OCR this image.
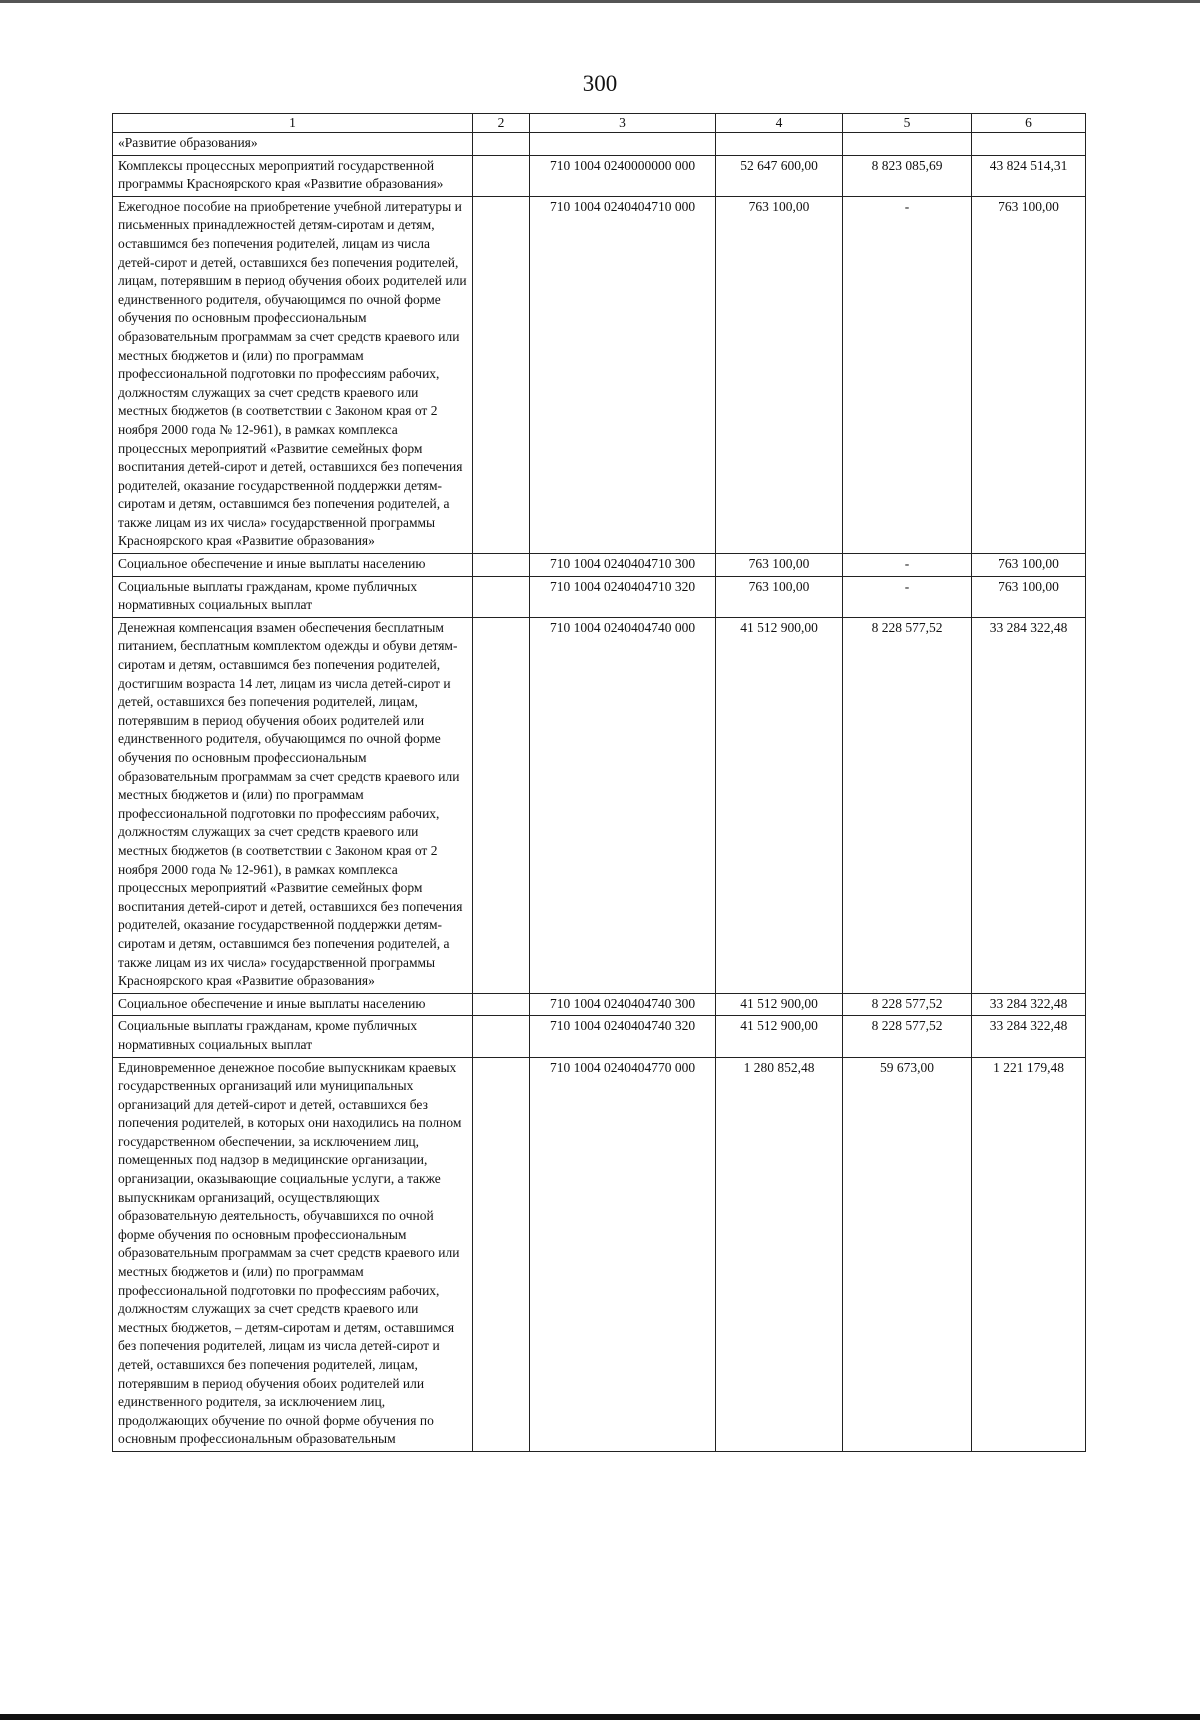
300
1	2	3	4	5	6
«Развитие образования»					
Комплексы процессных мероприятий государственной программы Красноярского края «Развитие образования»		710 1004 0240000000 000	52 647 600,00	8 823 085,69	43 824 514,31
Ежегодное пособие на приобретение учебной литературы и письменных принадлежностей детям-сиротам и детям, оставшимся без попечения родителей, лицам из числа детей-сирот и детей, оставшихся без попечения родителей, лицам, потерявшим в период обучения обоих родителей или единственного родителя, обучающимся по очной форме обучения по основным профессиональным образовательным программам за счет средств краевого или местных бюджетов и (или) по программам профессиональной подготовки по профессиям рабочих, должностям служащих за счет средств краевого или местных бюджетов (в соответствии с Законом края от 2 ноября 2000 года № 12-961), в рамках комплекса процессных мероприятий «Развитие семейных форм воспитания детей-сирот и детей, оставшихся без попечения родителей, оказание государственной поддержки детям-сиротам и детям, оставшимся без попечения родителей, а также лицам из их числа» государственной программы Красноярского края «Развитие образования»		710 1004 0240404710 000	763 100,00	-	763 100,00
Социальное обеспечение и иные выплаты населению		710 1004 0240404710 300	763 100,00	-	763 100,00
Социальные выплаты гражданам, кроме публичных нормативных социальных выплат		710 1004 0240404710 320	763 100,00	-	763 100,00
Денежная компенсация взамен обеспечения бесплатным питанием, бесплатным комплектом одежды и обуви детям-сиротам и детям, оставшимся без попечения родителей, достигшим возраста 14 лет, лицам из числа детей-сирот и детей, оставшихся без попечения родителей, лицам, потерявшим в период обучения обоих родителей или единственного родителя, обучающимся по очной форме обучения по основным профессиональным образовательным программам за счет средств краевого или местных бюджетов и (или) по программам профессиональной подготовки по профессиям рабочих, должностям служащих за счет средств краевого или местных бюджетов (в соответствии с Законом края от 2 ноября 2000 года № 12-961), в рамках комплекса процессных мероприятий «Развитие семейных форм воспитания детей-сирот и детей, оставшихся без попечения родителей, оказание государственной поддержки детям-сиротам и детям, оставшимся без попечения родителей, а также лицам из их числа» государственной программы Красноярского края «Развитие образования»		710 1004 0240404740 000	41 512 900,00	8 228 577,52	33 284 322,48
Социальное обеспечение и иные выплаты населению		710 1004 0240404740 300	41 512 900,00	8 228 577,52	33 284 322,48
Социальные выплаты гражданам, кроме публичных нормативных социальных выплат		710 1004 0240404740 320	41 512 900,00	8 228 577,52	33 284 322,48
Единовременное денежное пособие выпускникам краевых государственных организаций или муниципальных организаций для детей-сирот и детей, оставшихся без попечения родителей, в которых они находились на полном государственном обеспечении, за исключением лиц, помещенных под надзор в медицинские организации, организации, оказывающие социальные услуги, а также выпускникам организаций, осуществляющих образовательную деятельность, обучавшихся по очной форме обучения по основным профессиональным образовательным программам за счет средств краевого или местных бюджетов и (или) по программам профессиональной подготовки по профессиям рабочих, должностям служащих за счет средств краевого или местных бюджетов, – детям-сиротам и детям, оставшимся без попечения родителей, лицам из числа детей-сирот и детей, оставшихся без попечения родителей, лицам, потерявшим в период обучения обоих родителей или единственного родителя, за исключением лиц, продолжающих обучение по очной форме обучения по основным профессиональным образовательным		710 1004 0240404770 000	1 280 852,48	59 673,00	1 221 179,48
